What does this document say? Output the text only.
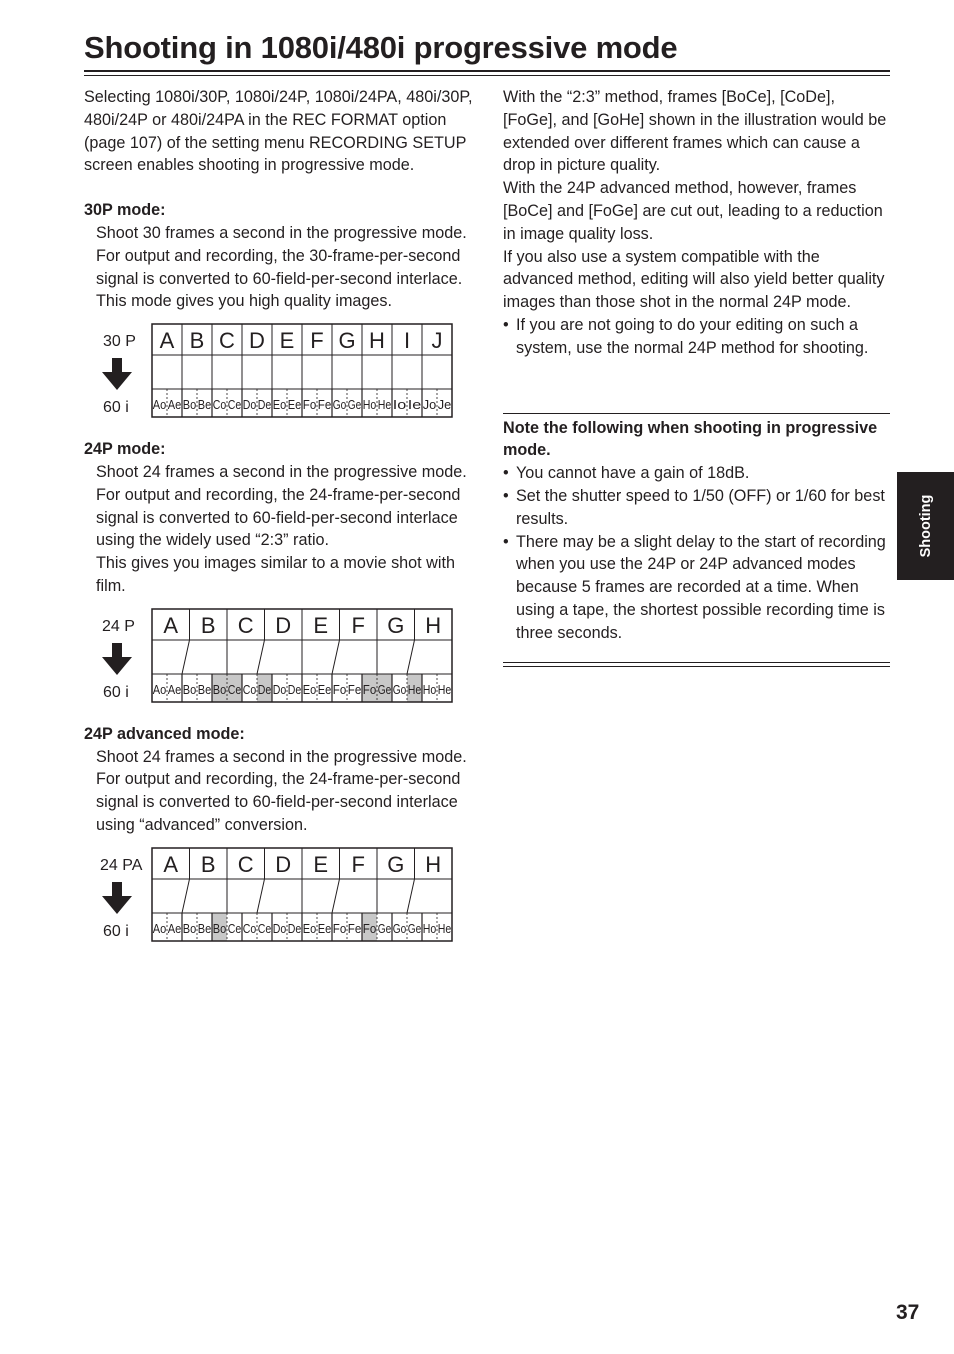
Shooting in 1080i/480i progressive mode

Selecting 1080i/30P, 1080i/24P, 1080i/24PA, 480i/30P, 480i/24P or 480i/24PA in the REC FORMAT option (page 107) of the setting menu RECORDING SETUP screen enables shooting in progressive mode.

30P mode:

Shoot 30 frames a second in the progressive mode.

For output and recording, the 30-frame-per-second signal is converted to 60-field-per-second interlace.

This mode gives you high quality images.

30 P
60 i
A B C D E F G H I J
Ao Ae Bo Be Co Ce Do De Eo Ee Fo Fe Go Ge Ho He Io Ie Jo Je

24P mode:

Shoot 24 frames a second in the progressive mode.

For output and recording, the 24-frame-per-second signal is converted to 60-field-per-second interlace using the widely used “2:3” ratio.

This gives you images similar to a movie shot with film.

24 P
60 i
A B C D E F G H
Ao Ae Bo Be Bo Ce Co De Do De Eo Ee Fo Fe Fo Ge Go He Ho He

24P advanced mode:

Shoot 24 frames a second in the progressive mode.

For output and recording, the 24-frame-per-second signal is converted to 60-field-per-second interlace using “advanced” conversion.

24 PA
60 i
A B C D E F G H
Ao Ae Bo Be Bo Ce Co Ce Do De Eo Ee Fo Fe Fo Ge Go Ge Ho He

With the “2:3” method, frames [BoCe], [CoDe], [FoGe], and [GoHe] shown in the illustration would be extended over different frames which can cause a drop in picture quality.

With the 24P advanced method, however, frames [BoCe] and [FoGe] are cut out, leading to a reduction in image quality loss.

If you also use a system compatible with the advanced method, editing will also yield better quality images than those shot in the normal 24P mode.

• If you are not going to do your editing on such a system, use the normal 24P method for shooting.

Note the following when shooting in progressive mode.

• You cannot have a gain of 18dB.

• Set the shutter speed to 1/50 (OFF) or 1/60 for best results.

• There may be a slight delay to the start of recording when you use the 24P or 24P advanced modes because 5 frames are recorded at a time. When using a tape, the shortest possible recording time is three seconds.

Shooting
37
